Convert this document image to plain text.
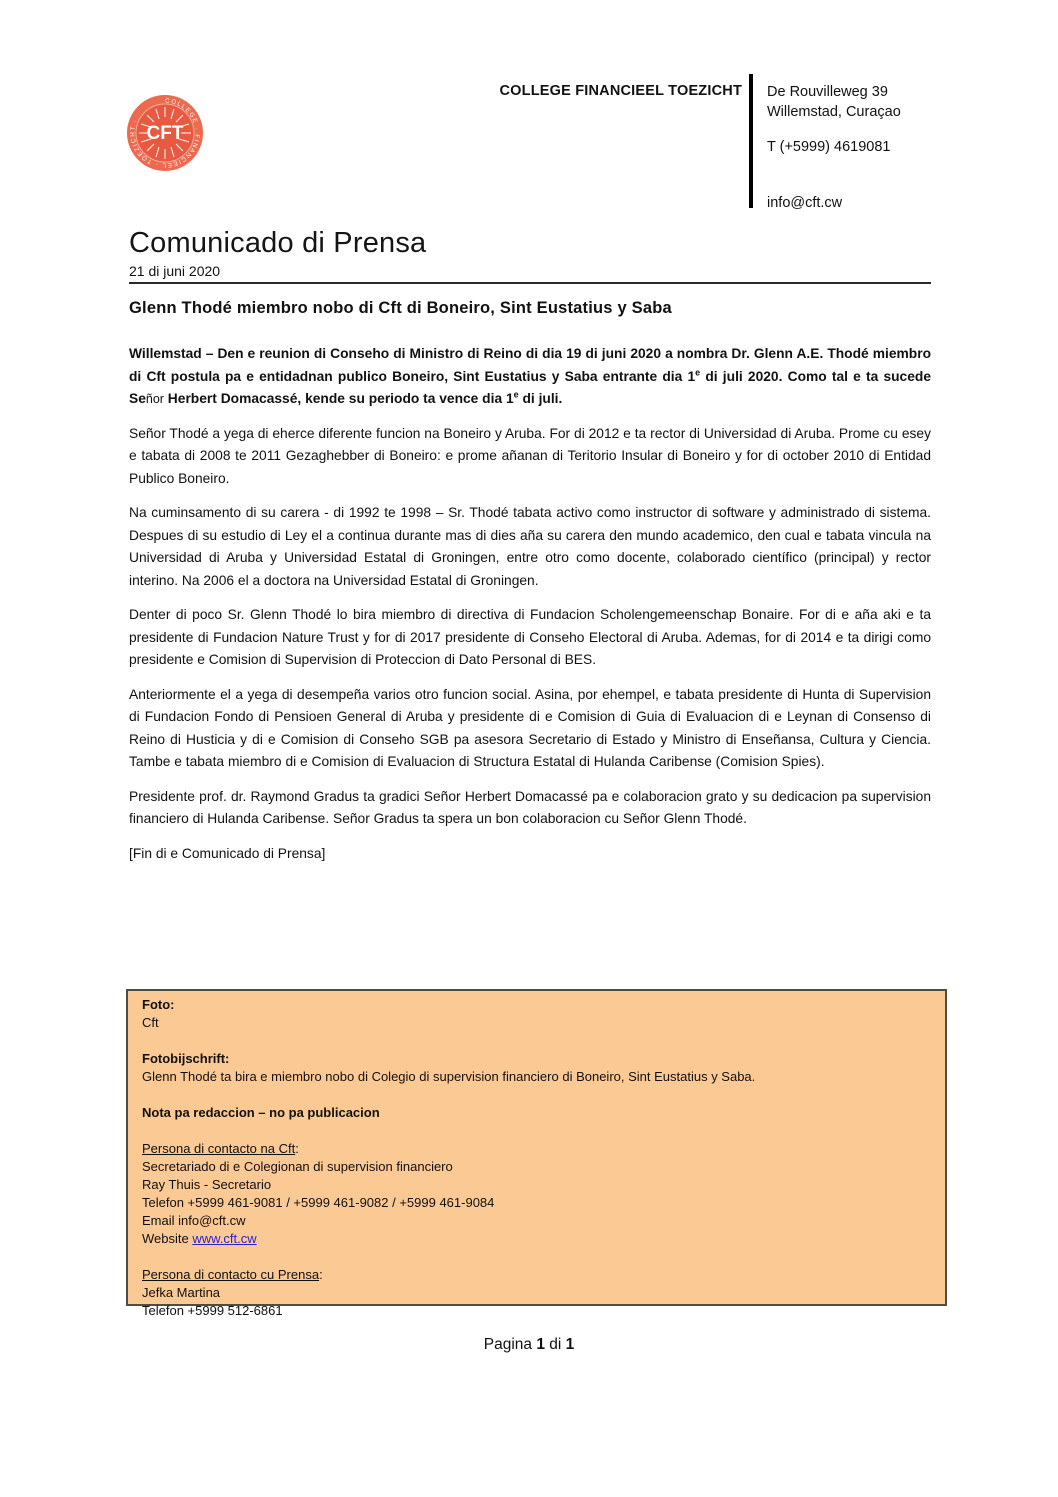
COLLEGE · FINANCIEEL · TOEZICHT ·
CFT
COLLEGE FINANCIEEL TOEZICHT De Rouvilleweg 39
Willemstad, Curaçao
T (+5999) 4619081
info@cft.cw
Comunicado di Prensa
21 di juni 2020
Glenn Thodé miembro nobo di Cft di Boneiro, Sint Eustatius y Saba

Willemstad – Den e reunion di Conseho di Ministro di Reino di dia 19 di juni 2020 a nombra Dr. Glenn A.E. Thodé miembro di Cft postula pa e entidadnan publico Boneiro, Sint Eustatius y Saba entrante dia 1e di juli 2020. Como tal e ta sucede Señor Herbert Domacassé, kende su periodo ta vence dia 1e di juli.

Señor Thodé a yega di eherce diferente funcion na Boneiro y Aruba. For di 2012 e ta rector di Universidad di Aruba. Prome cu esey e tabata di 2008 te 2011 Gezaghebber di Boneiro: e prome añanan di Teritorio Insular di Boneiro y for di october 2010 di Entidad Publico Boneiro.

Na cuminsamento di su carera - di 1992 te 1998 – Sr. Thodé tabata activo como instructor di software y administrado di sistema. Despues di su estudio di Ley el a continua durante mas di dies aña su carera den mundo academico, den cual e tabata vincula na Universidad di Aruba y Universidad Estatal di Groningen, entre otro como docente, colaborado científico (principal) y rector interino. Na 2006 el a doctora na Universidad Estatal di Groningen.

Denter di poco Sr. Glenn Thodé lo bira miembro di directiva di Fundacion Scholengemeenschap Bonaire. For di e aña aki e ta presidente di Fundacion Nature Trust y for di 2017 presidente di Conseho Electoral di Aruba. Ademas, for di 2014 e ta dirigi como presidente e Comision di Supervision di Proteccion di Dato Personal di BES.

Anteriormente el a yega di desempeña varios otro funcion social. Asina, por ehempel, e tabata presidente di Hunta di Supervision di Fundacion Fondo di Pensioen General di Aruba y presidente di e Comision di Guia di Evaluacion di e Leynan di Consenso di Reino di Husticia y di e Comision di Conseho SGB pa asesora Secretario di Estado y Ministro di Enseñansa, Cultura y Ciencia. Tambe e tabata miembro di e Comision di Evaluacion di Structura Estatal di Hulanda Caribense (Comision Spies).

Presidente prof. dr. Raymond Gradus ta gradici Señor Herbert Domacassé pa e colaboracion grato y su dedicacion pa supervision financiero di Hulanda Caribense. Señor Gradus ta spera un bon colaboracion cu Señor Glenn Thodé.

[Fin di e Comunicado di Prensa]

Foto:
Cft
Fotobijschrift:
Glenn Thodé ta bira e miembro nobo di Colegio di supervision financiero di Boneiro, Sint Eustatius y Saba.
Nota pa redaccion – no pa publicacion
Persona di contacto na Cft:
Secretariado di e Colegionan di supervision financiero
Ray Thuis - Secretario
Telefon +5999 461-9081 / +5999 461-9082 / +5999 461-9084
Email info@cft.cw
Website www.cft.cw
Persona di contacto cu Prensa:
Jefka Martina
Telefon +5999 512-6861
Pagina 1 di 1
